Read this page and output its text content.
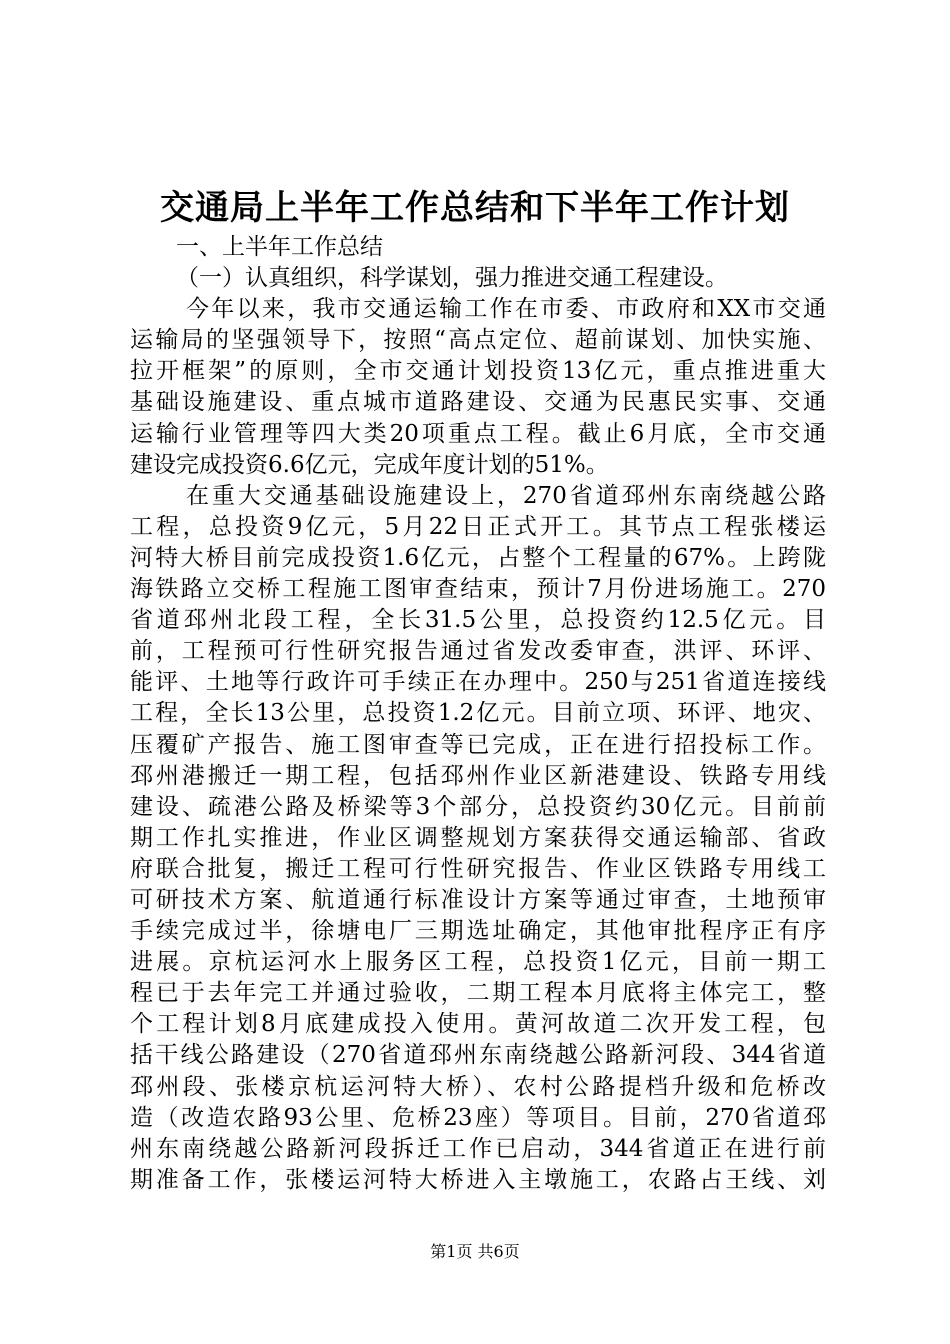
交通局上半年工作总结和下半年工作计划
一、上半年工作总结
（一）认真组织，科学谋划，强力推进交通工程建设。
今年以来，我市交通运输工作在市委、市政府和XX市交通
运输局的坚强领导下，按照“高点定位、超前谋划、加快实施、
拉开框架”的原则，全市交通计划投资13亿元，重点推进重大
基础设施建设、重点城市道路建设、交通为民惠民实事、交通
运输行业管理等四大类20项重点工程。截止6月底，全市交通
建设完成投资6.6亿元，完成年度计划的51%。
在重大交通基础设施建设上，270省道邳州东南绕越公路
工程，总投资9亿元，5月22日正式开工。其节点工程张楼运
河特大桥目前完成投资1.6亿元，占整个工程量的67%。上跨陇
海铁路立交桥工程施工图审查结束，预计7月份进场施工。270
省道邳州北段工程，全长31.5公里，总投资约12.5亿元。目
前，工程预可行性研究报告通过省发改委审查，洪评、环评、
能评、土地等行政许可手续正在办理中。250与251省道连接线
工程，全长13公里，总投资1.2亿元。目前立项、环评、地灾、
压覆矿产报告、施工图审查等已完成，正在进行招投标工作。
邳州港搬迁一期工程，包括邳州作业区新港建设、铁路专用线
建设、疏港公路及桥梁等3个部分，总投资约30亿元。目前前
期工作扎实推进，作业区调整规划方案获得交通运输部、省政
府联合批复，搬迁工程可行性研究报告、作业区铁路专用线工
可研技术方案、航道通行标准设计方案等通过审查，土地预审
手续完成过半，徐塘电厂三期选址确定，其他审批程序正有序
进展。京杭运河水上服务区工程，总投资1亿元，目前一期工
程已于去年完工并通过验收，二期工程本月底将主体完工，整
个工程计划8月底建成投入使用。黄河故道二次开发工程，包
括干线公路建设（270省道邳州东南绕越公路新河段、344省道
邳州段、张楼京杭运河特大桥）、农村公路提档升级和危桥改
造（改造农路93公里、危桥23座）等项目。目前，270省道邳
州东南绕越公路新河段拆迁工作已启动，344省道正在进行前
期准备工作，张楼运河特大桥进入主墩施工，农路占王线、刘
第1页 共6页
